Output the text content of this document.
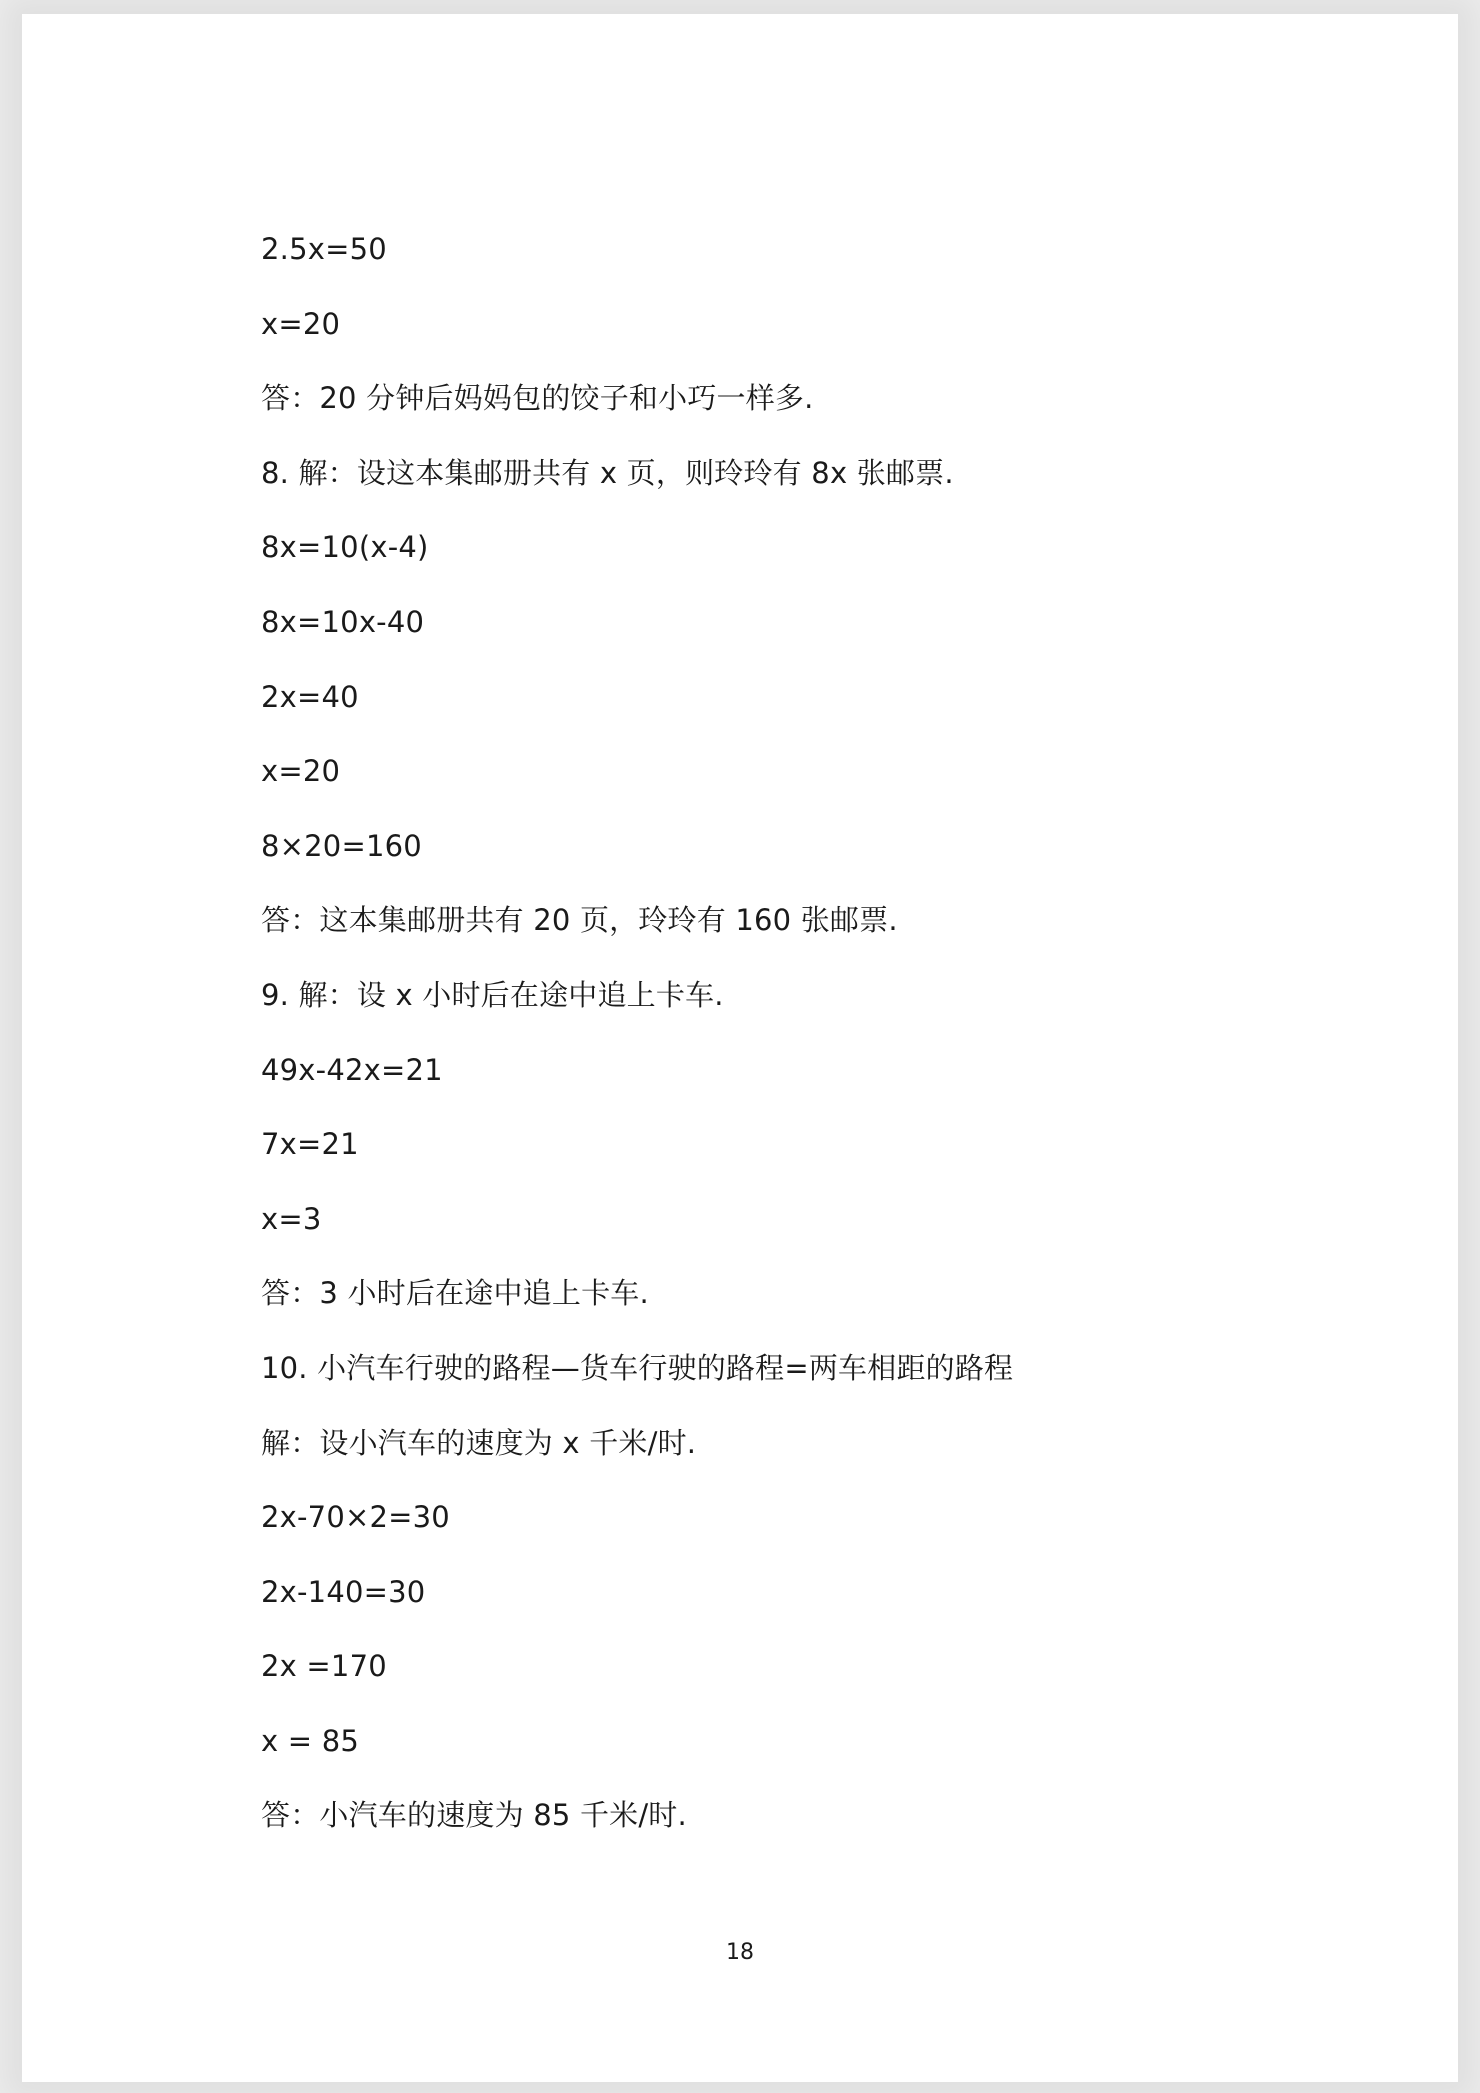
2.5x=50
x=20
答：20 分钟后妈妈包的饺子和小巧一样多.
8. 解：设这本集邮册共有 x 页，则玲玲有 8x 张邮票.
8x=10(x-4)
8x=10x-40
2x=40
x=20
8×20=160
答：这本集邮册共有 20 页，玲玲有 160 张邮票.
9. 解：设 x 小时后在途中追上卡车.
49x-42x=21
7x=21
x=3
答：3 小时后在途中追上卡车.
10. 小汽车行驶的路程—货车行驶的路程=两车相距的路程
解：设小汽车的速度为 x 千米/时.
2x-70×2=30
2x-140=30
2x =170
x = 85
答：小汽车的速度为 85 千米/时.
18
